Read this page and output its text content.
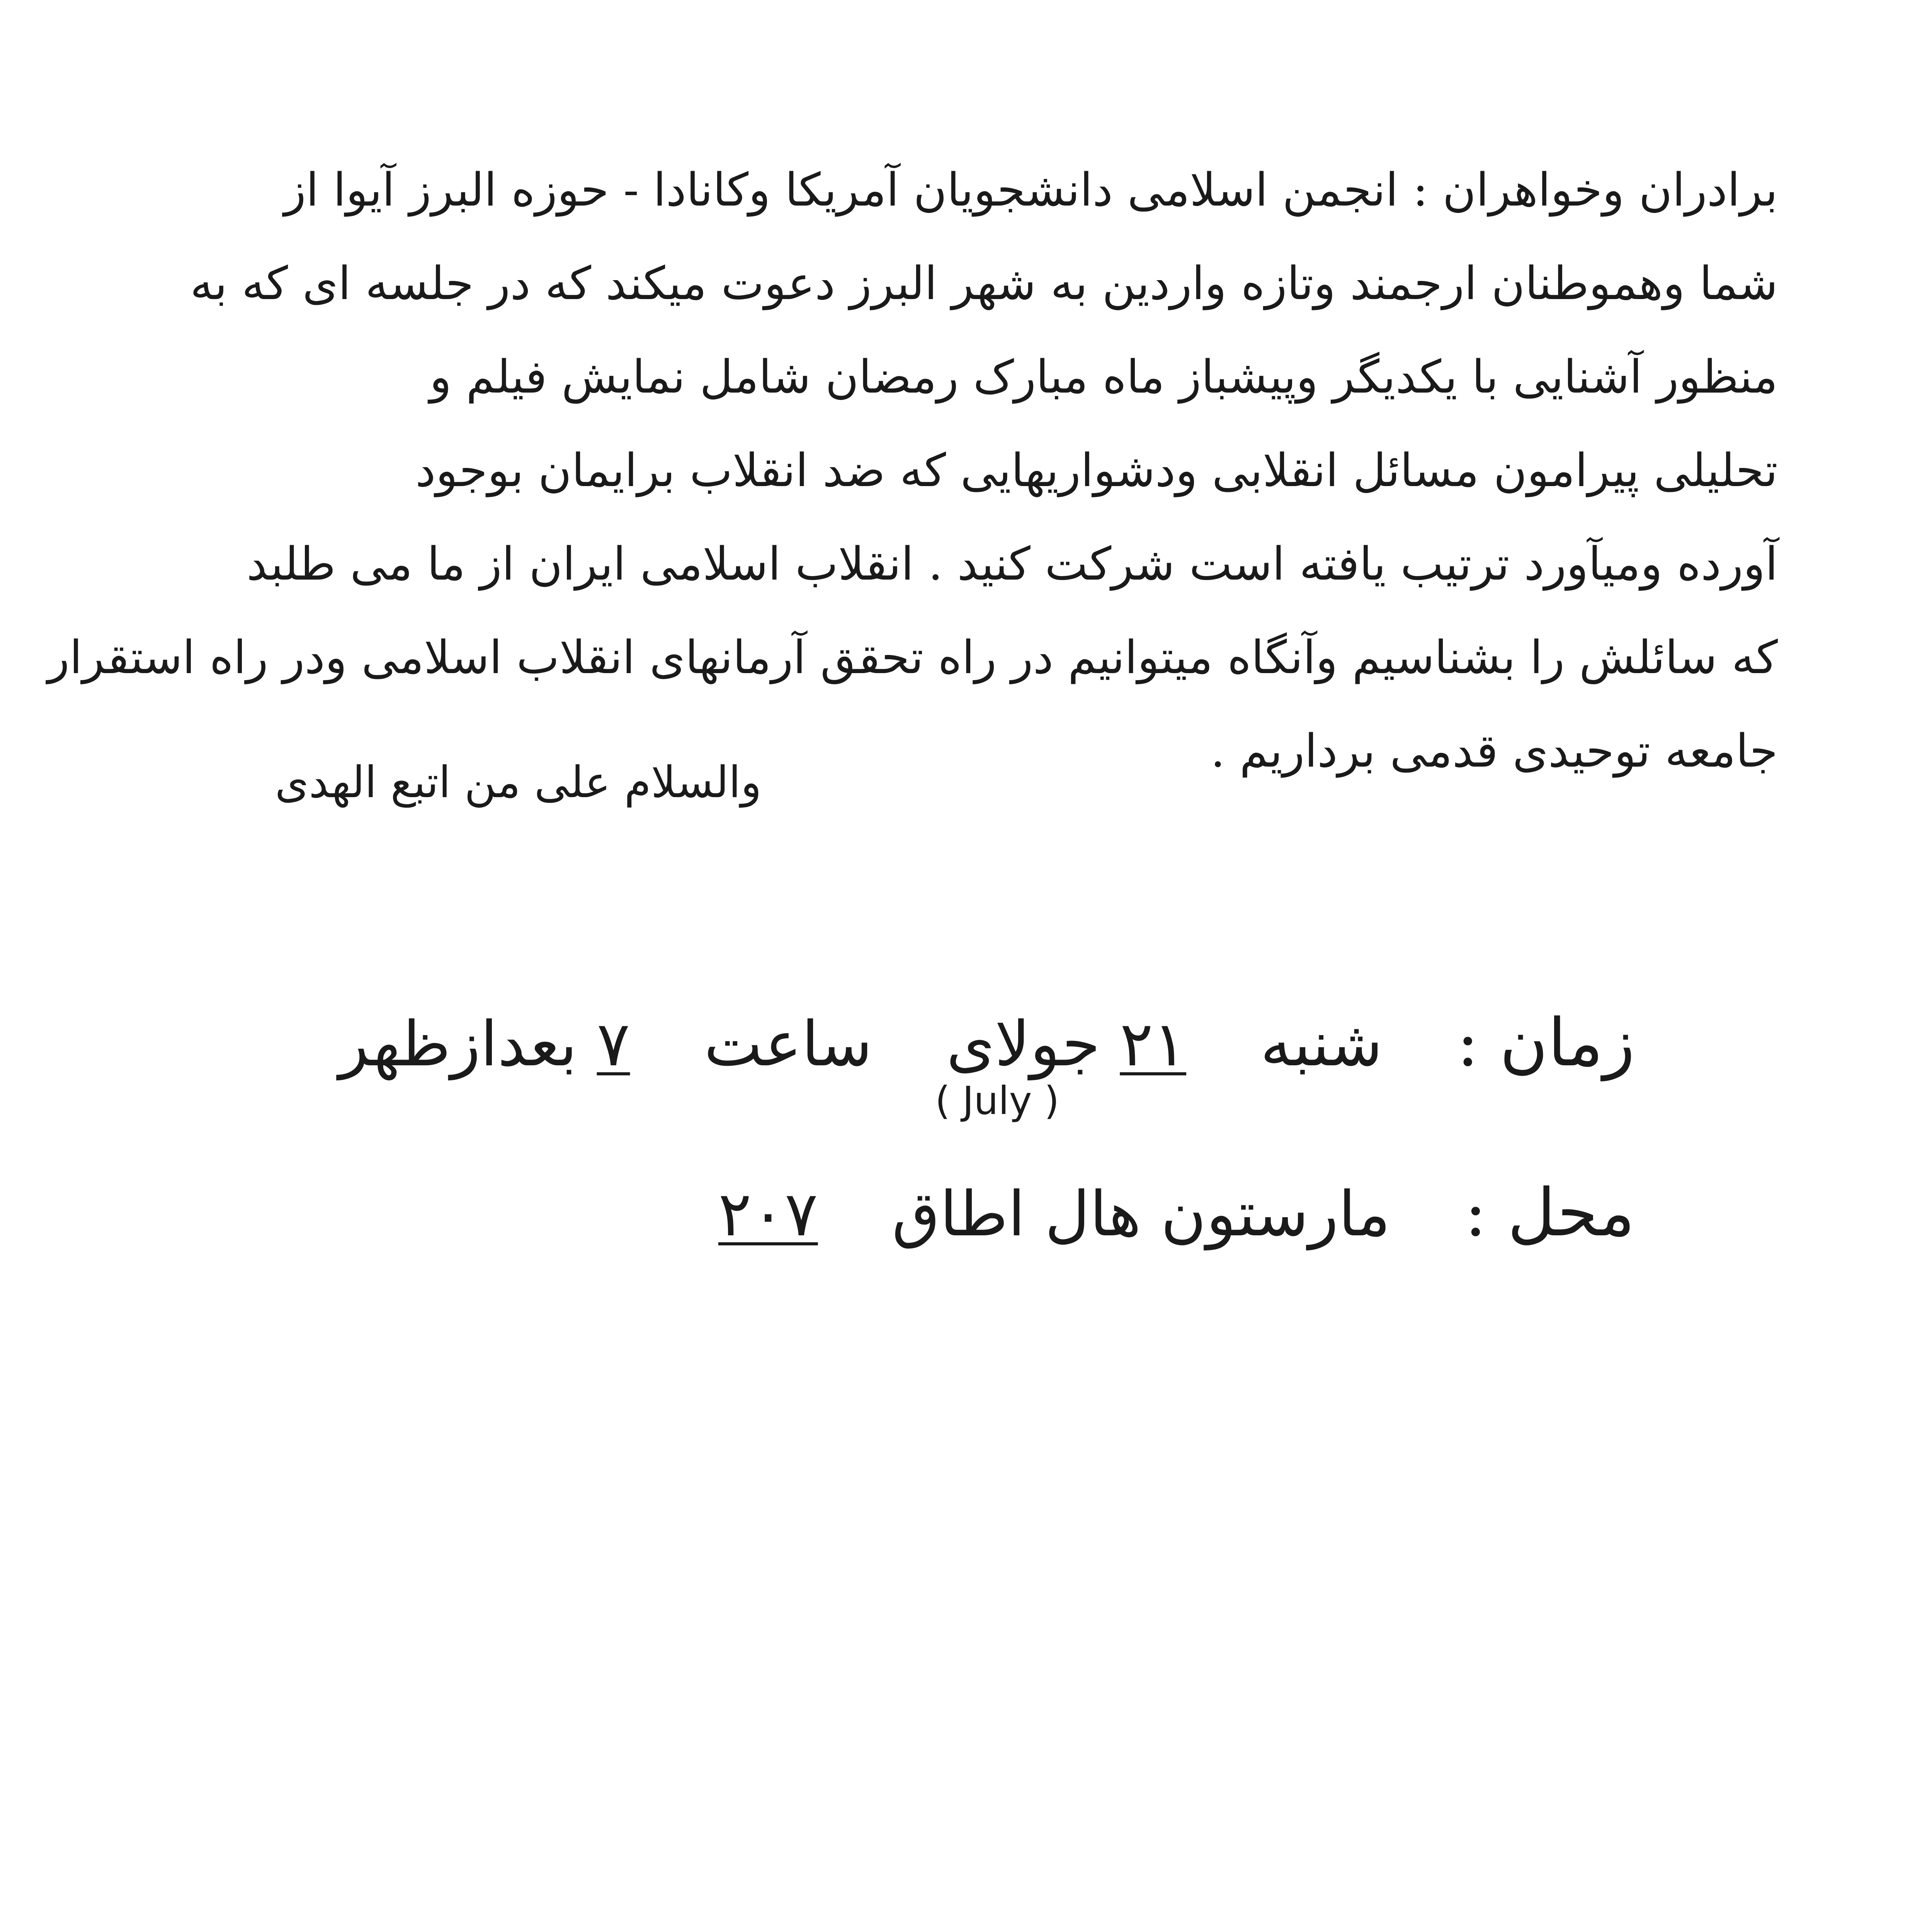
برادران وخواهران : انجمن اسلامی دانشجویان آمریکا وکانادا - حوزه البرز آیوا از
شما وهموطنان ارجمند وتازه واردین به شهر البرز دعوت میکند که در جلسه ای که به
منظور آشنایی با یکدیگر وپیشباز ماه مبارک رمضان شامل نمایش فیلم و
تحلیلی پیرامون مسائل انقلابی ودشواریهایی که ضد انقلاب برایمان بوجود
آورده ومیآورد ترتیب یافته است شرکت کنید . انقلاب اسلامی ایران از ما می طلبد
که سائلش را بشناسیم وآنگاه میتوانیم در راه تحقق آرمانهای انقلاب اسلامی ودر راه استقرار
جامعه توحیدی قدمی برداریم .
والسلام علی من اتبع الهدی
زمان :  شنبه  ۲۱ جولای  ساعت  ۷ بعدازظهر
( July )
محل :  مارستون هال اطاق  ۲۰۷
